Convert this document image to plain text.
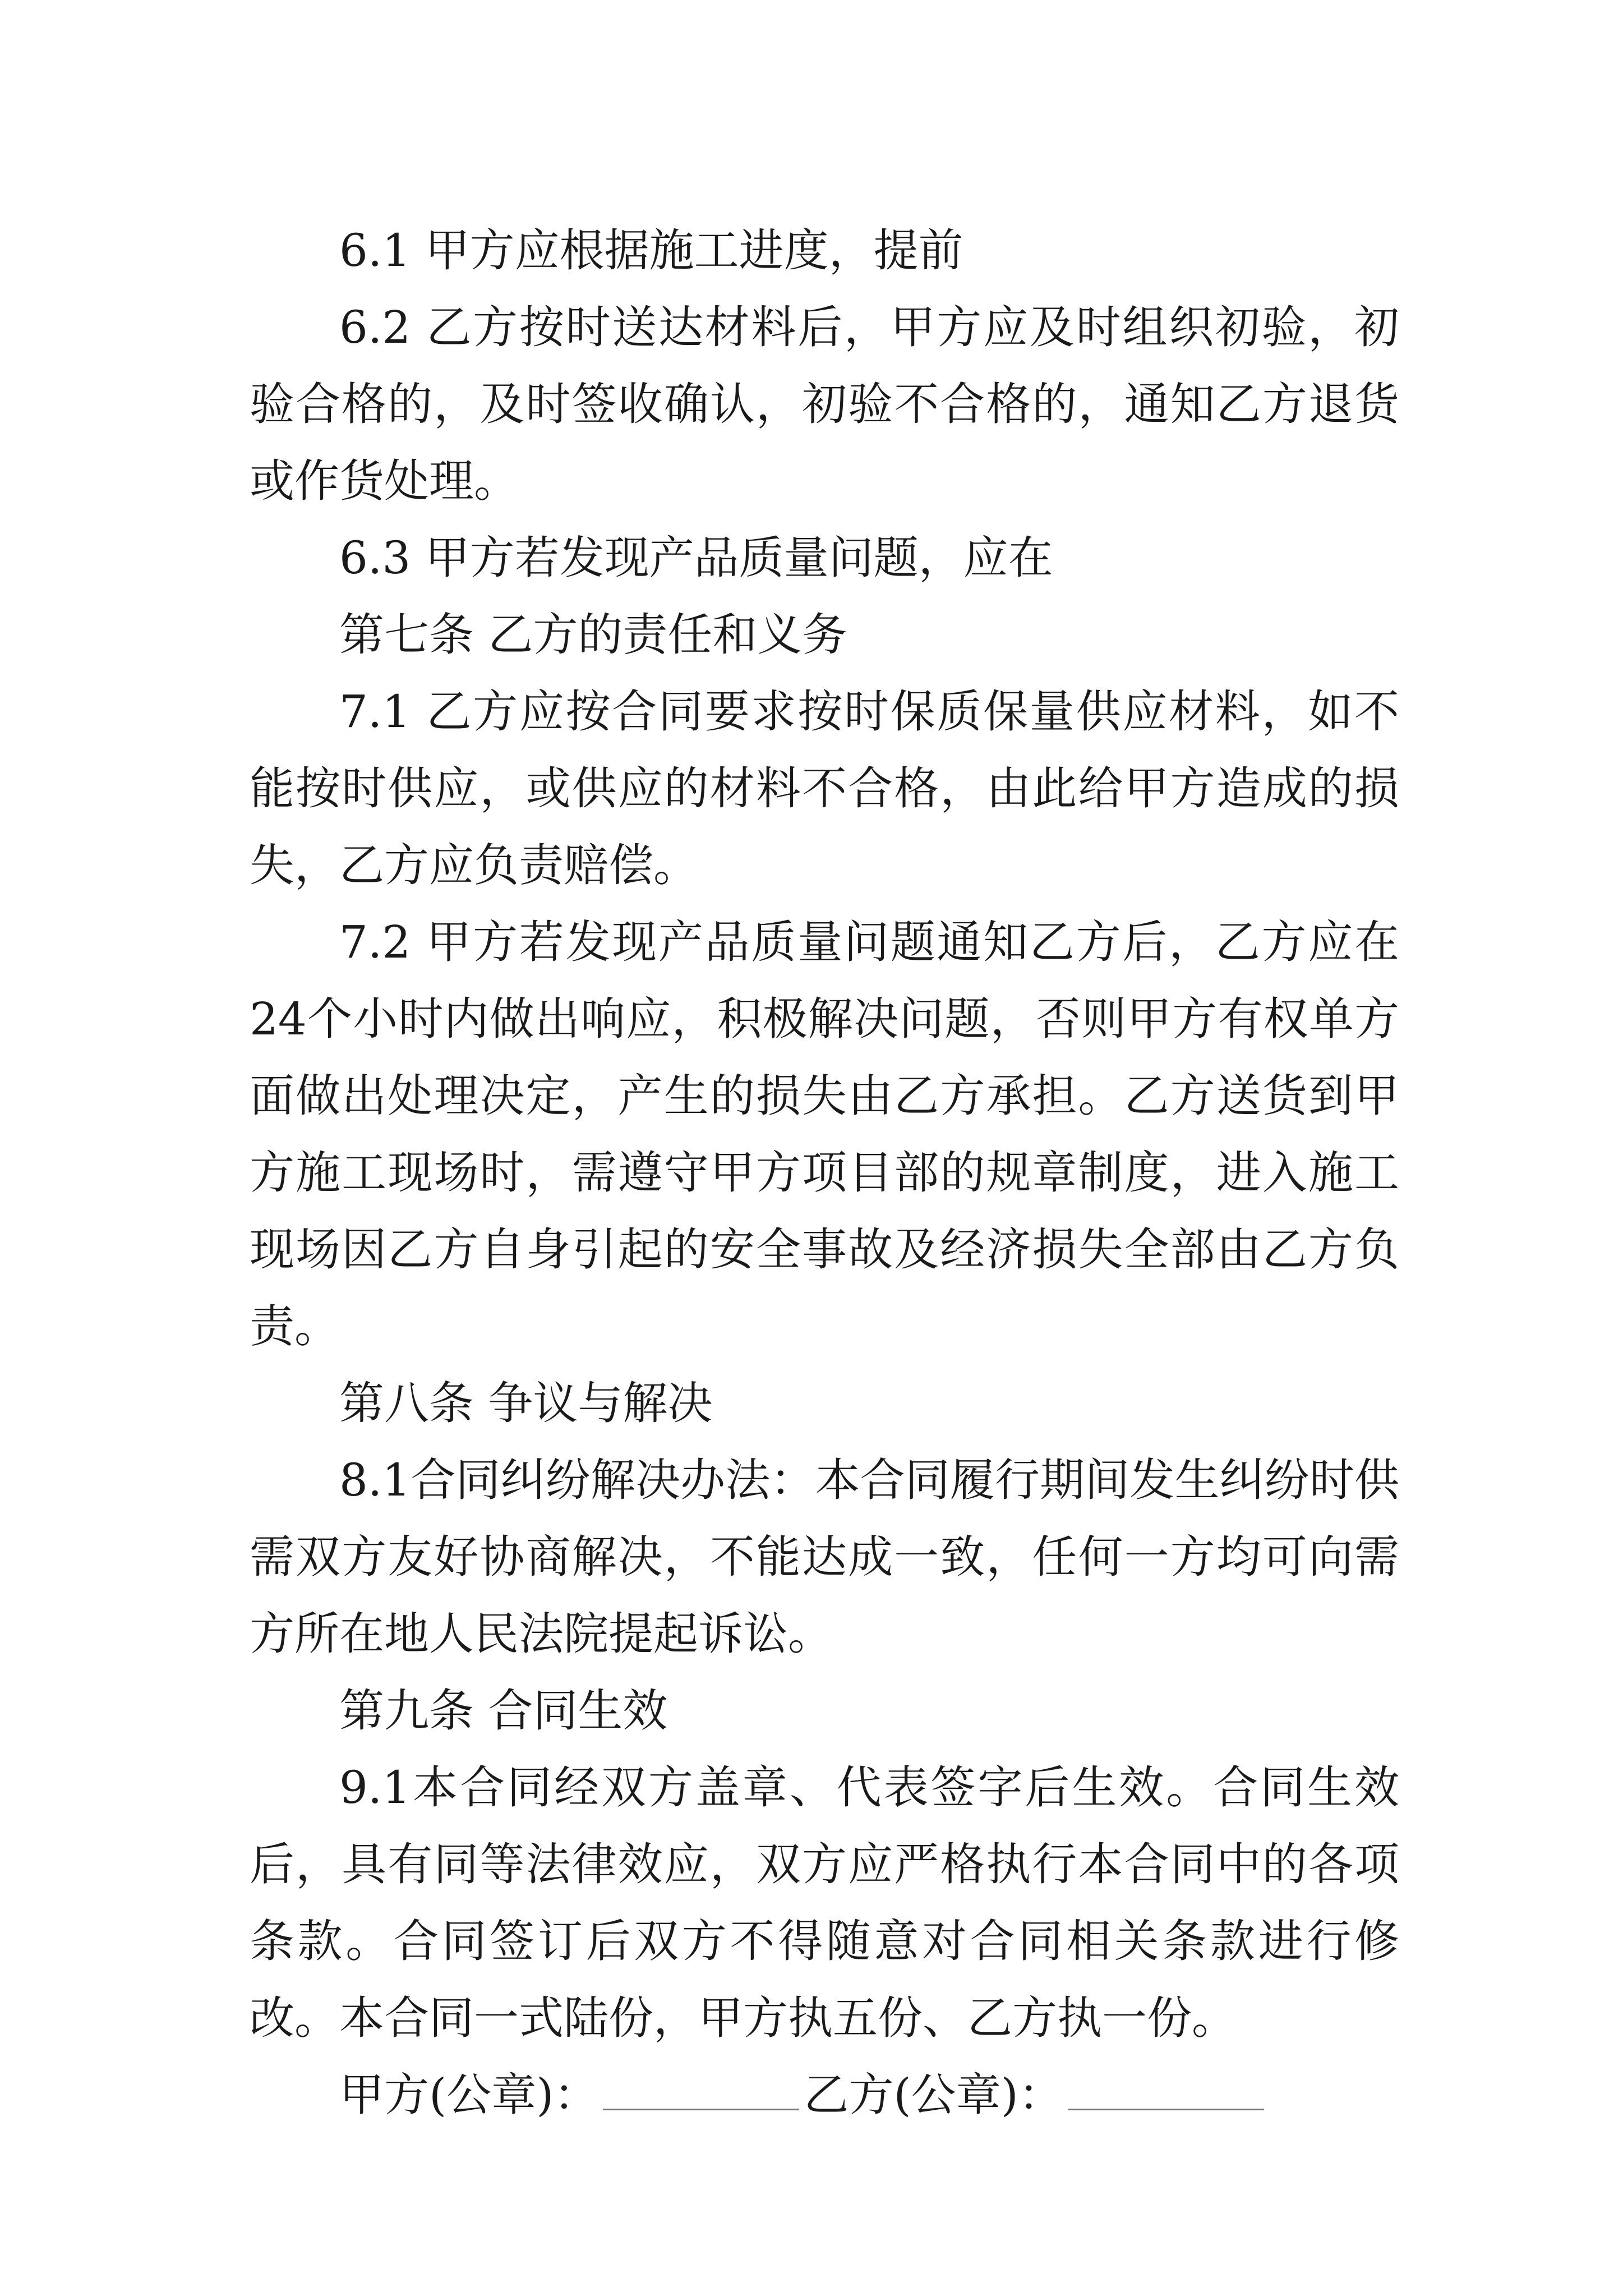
6.1 甲方应根据施工进度，提前

6.2 乙方按时送达材料后，甲方应及时组织初验，初验合格的，及时签收确认，初验不合格的，通知乙方退货或作货处理。

6.3 甲方若发现产品质量问题，应在

第七条 乙方的责任和义务

7.1 乙方应按合同要求按时保质保量供应材料，如不能按时供应，或供应的材料不合格，由此给甲方造成的损失，乙方应负责赔偿。

7.2 甲方若发现产品质量问题通知乙方后，乙方应在24个小时内做出响应，积极解决问题，否则甲方有权单方面做出处理决定，产生的损失由乙方承担。乙方送货到甲方施工现场时，需遵守甲方项目部的规章制度，进入施工现场因乙方自身引起的安全事故及经济损失全部由乙方负责。

第八条 争议与解决

8.1合同纠纷解决办法：本合同履行期间发生纠纷时供需双方友好协商解决，不能达成一致，任何一方均可向需方所在地人民法院提起诉讼。

第九条 合同生效

9.1本合同经双方盖章、代表签字后生效。合同生效后，具有同等法律效应，双方应严格执行本合同中的各项条款。合同签订后双方不得随意对合同相关条款进行修改。本合同一式陆份，甲方执五份、乙方执一份。

甲方(公章)：	乙方(公章)：
